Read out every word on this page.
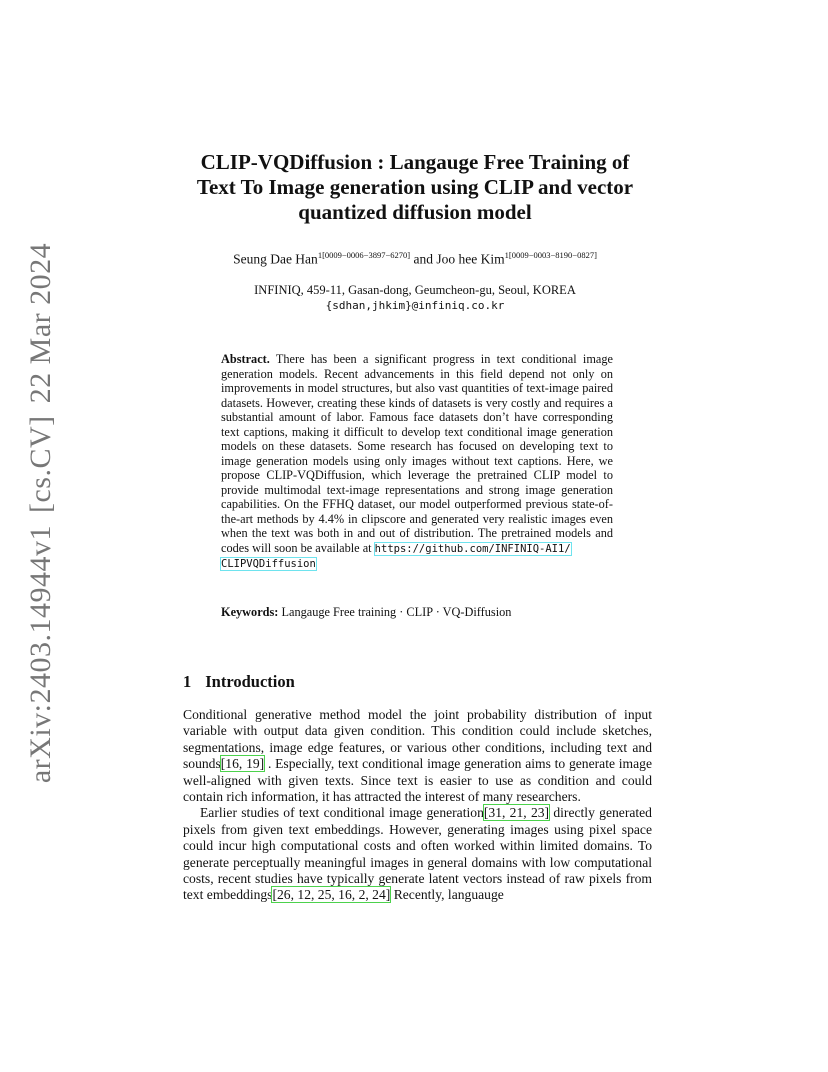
arXiv:2403.14944v1[cs.CV]22 Mar 2024
CLIP-VQDiffusion : Langauge Free Training of
Text To Image generation using CLIP and vector
quantized diffusion model
Seung Dae Han$^{1[0009-0006-3897-6270]}$ and Joo hee Kim$^{1[0009-0003-8190-0827]}$
INFINIQ, 459-11, Gasan-dong, Geumcheon-gu, Seoul, KOREA
{sdhan,jhkim}@infiniq.co.kr
Abstract. There has been a significant progress in text conditional image generation models. Recent advancements in this field depend not only on improvements in model structures, but also vast quantities of text-image paired datasets. However, creating these kinds of datasets is very costly and requires a substantial amount of labor. Famous face datasets don’t have corresponding text captions, making it difficult to develop text conditional image generation models on these datasets. Some research has focused on developing text to image generation models using only images without text captions. Here, we propose CLIP-VQDiffusion, which leverage the pretrained CLIP model to provide multimodal text-image representations and strong image generation capabilities. On the FFHQ dataset, our model outperformed previous state-of-the-art methods by 4.4% in clipscore and generated very realistic images even when the text was both in and out of distribution. The pretrained models and codes will soon be available at https://github.com/INFINIQ-AI1/
CLIPVQDiffusion
Keywords: Langauge Free training · CLIP · VQ-Diffusion
1 Introduction

Conditional generative method model the joint probability distribution of input variable with output data given condition. This condition could include sketches, segmentations, image edge features, or various other conditions, including text and sounds[16, 19] . Especially, text conditional image generation aims to generate image well-aligned with given texts. Since text is easier to use as condition and could contain rich information, it has attracted the interest of many researchers.

Earlier studies of text conditional image generation[31, 21, 23] directly generated pixels from given text embeddings. However, generating images using pixel space could incur high computational costs and often worked within limited domains. To generate perceptually meaningful images in general domains with low computational costs, recent studies have typically generate latent vectors instead of raw pixels from text embeddings[26, 12, 25, 16, 2, 24] Recently, languauge
